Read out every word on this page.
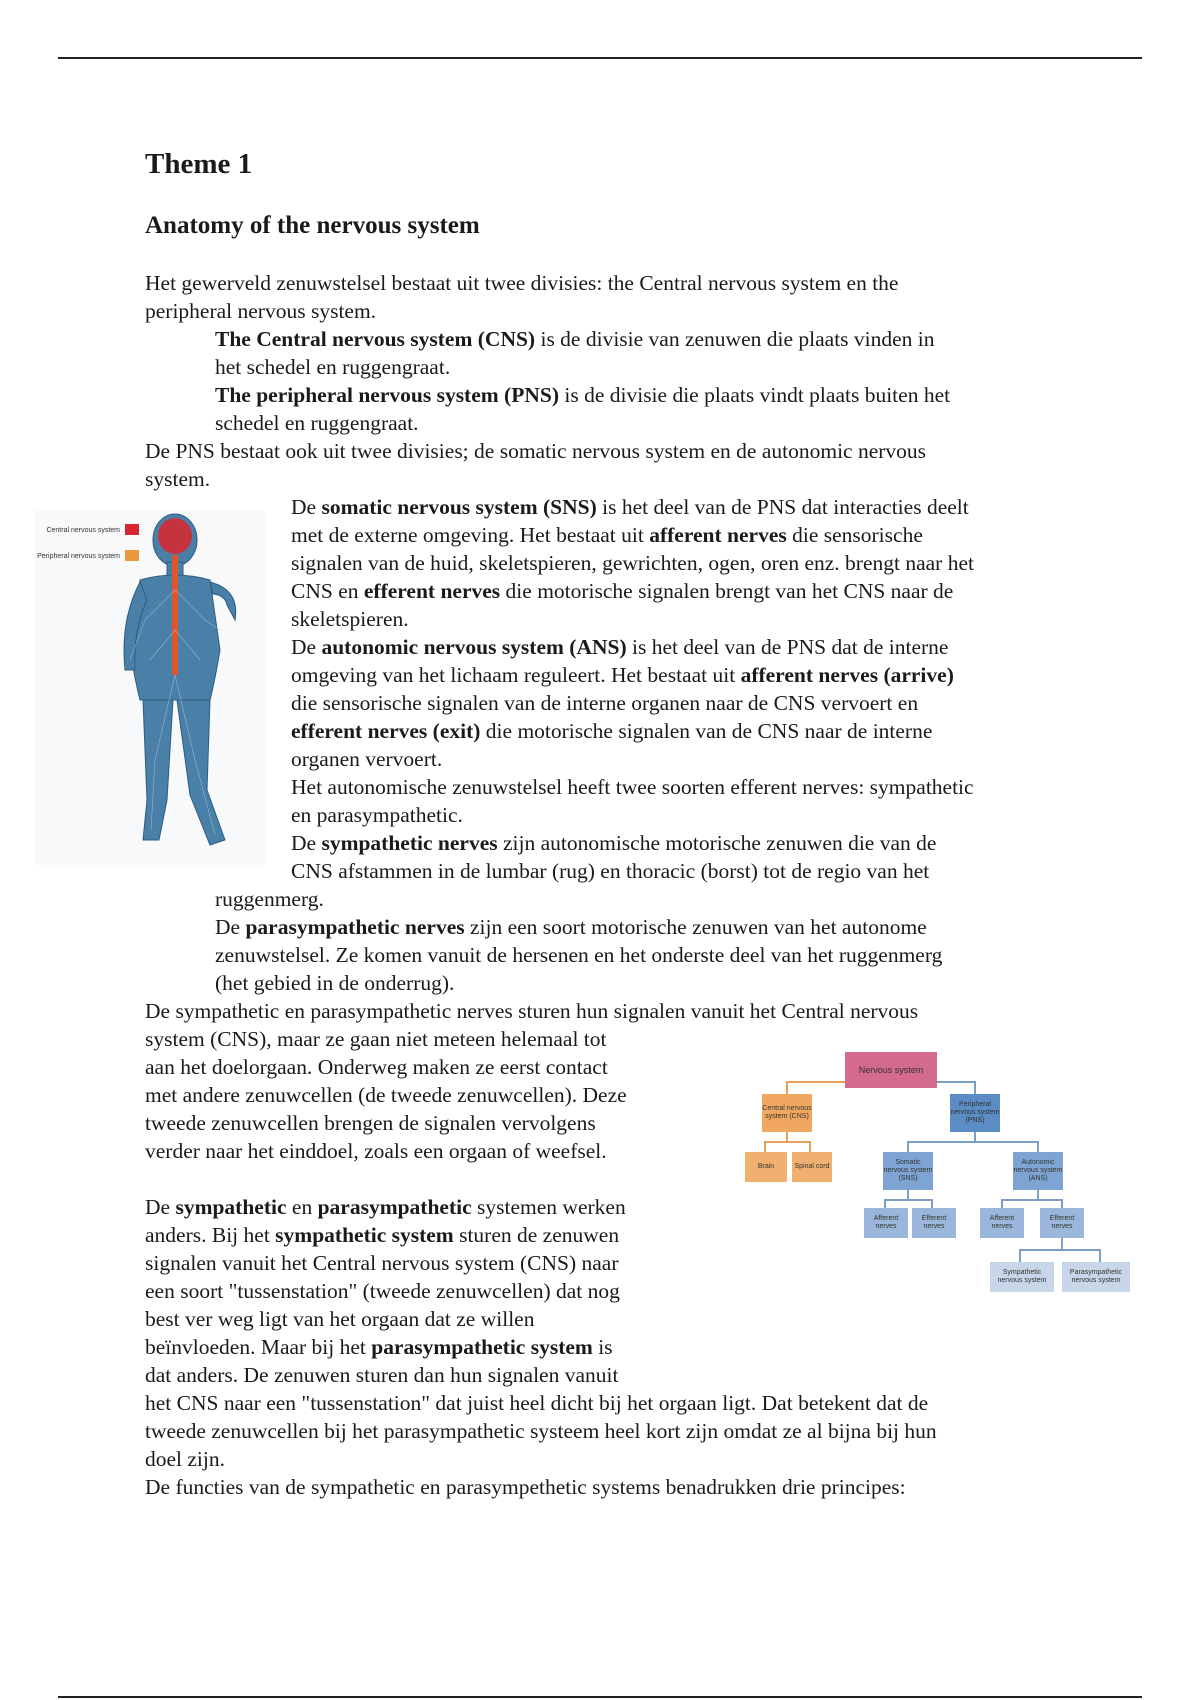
Theme 1
Anatomy of the nervous system

Het gewerveld zenuwstelsel bestaat uit twee divisies: the Central nervous system en the

peripheral nervous system.

The Central nervous system (CNS) is de divisie van zenuwen die plaats vinden in

het schedel en ruggengraat.

The peripheral nervous system (PNS) is de divisie die plaats vindt plaats buiten het

schedel en ruggengraat.

De PNS bestaat ook uit twee divisies; de somatic nervous system en de autonomic nervous

system.

De somatic nervous system (SNS) is het deel van de PNS dat interacties deelt

met de externe omgeving. Het bestaat uit afferent nerves die sensorische

signalen van de huid, skeletspieren, gewrichten, ogen, oren enz. brengt naar het

CNS en efferent nerves die motorische signalen brengt van het CNS naar de

skeletspieren.

De autonomic nervous system (ANS) is het deel van de PNS dat de interne

omgeving van het lichaam reguleert. Het bestaat uit afferent nerves (arrive)

die sensorische signalen van de interne organen naar de CNS vervoert en

efferent nerves (exit) die motorische signalen van de CNS naar de interne

organen vervoert.

Het autonomische zenuwstelsel heeft twee soorten efferent nerves: sympathetic

en parasympathetic.

De sympathetic nerves zijn autonomische motorische zenuwen die van de

CNS afstammen in de lumbar (rug) en thoracic (borst) tot de regio van het

ruggenmerg.

De parasympathetic nerves zijn een soort motorische zenuwen van het autonome

zenuwstelsel. Ze komen vanuit de hersenen en het onderste deel van het ruggenmerg

(het gebied in de onderrug).

De sympathetic en parasympathetic nerves sturen hun signalen vanuit het Central nervous

system (CNS), maar ze gaan niet meteen helemaal tot

aan het doelorgaan. Onderweg maken ze eerst contact

met andere zenuwcellen (de tweede zenuwcellen). Deze

tweede zenuwcellen brengen de signalen vervolgens

verder naar het einddoel, zoals een orgaan of weefsel.

De sympathetic en parasympathetic systemen werken

anders. Bij het sympathetic system sturen de zenuwen

signalen vanuit het Central nervous system (CNS) naar

een soort "tussenstation" (tweede zenuwcellen) dat nog

best ver weg ligt van het orgaan dat ze willen

beïnvloeden. Maar bij het parasympathetic system is

dat anders. De zenuwen sturen dan hun signalen vanuit

het CNS naar een "tussenstation" dat juist heel dicht bij het orgaan ligt. Dat betekent dat de

tweede zenuwcellen bij het parasympathetic systeem heel kort zijn omdat ze al bijna bij hun

doel zijn.

De functies van de sympathetic en parasympethetic systems benadrukken drie principes:

Central nervous system
Peripheral nervous system
Nervous system
Central nervous system (CNS)
Peripheral nervous system (PNS)
Brain	Spinal cord
Somatic nervous system (SNS)
Autonomic nervous system (ANS)
Afferent nerves
Efferent nerves
Afferent nerves
Efferent nerves
Sympathetic nervous system
Parasympathetic nervous system
